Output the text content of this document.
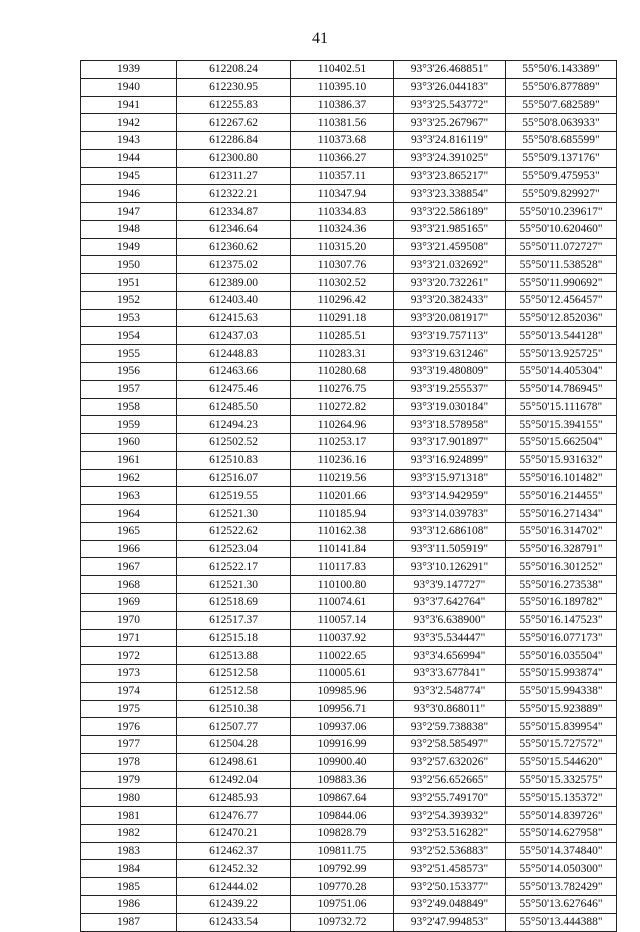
41
1939	612208.24	110402.51	93°3'26.468851"	55°50'6.143389"
1940	612230.95	110395.10	93°3'26.044183"	55°50'6.877889"
1941	612255.83	110386.37	93°3'25.543772"	55°50'7.682589"
1942	612267.62	110381.56	93°3'25.267967"	55°50'8.063933"
1943	612286.84	110373.68	93°3'24.816119"	55°50'8.685599"
1944	612300.80	110366.27	93°3'24.391025"	55°50'9.137176"
1945	612311.27	110357.11	93°3'23.865217"	55°50'9.475953"
1946	612322.21	110347.94	93°3'23.338854"	55°50'9.829927"
1947	612334.87	110334.83	93°3'22.586189"	55°50'10.239617"
1948	612346.64	110324.36	93°3'21.985165"	55°50'10.620460"
1949	612360.62	110315.20	93°3'21.459508"	55°50'11.072727"
1950	612375.02	110307.76	93°3'21.032692"	55°50'11.538528"
1951	612389.00	110302.52	93°3'20.732261"	55°50'11.990692"
1952	612403.40	110296.42	93°3'20.382433"	55°50'12.456457"
1953	612415.63	110291.18	93°3'20.081917"	55°50'12.852036"
1954	612437.03	110285.51	93°3'19.757113"	55°50'13.544128"
1955	612448.83	110283.31	93°3'19.631246"	55°50'13.925725"
1956	612463.66	110280.68	93°3'19.480809"	55°50'14.405304"
1957	612475.46	110276.75	93°3'19.255537"	55°50'14.786945"
1958	612485.50	110272.82	93°3'19.030184"	55°50'15.111678"
1959	612494.23	110264.96	93°3'18.578958"	55°50'15.394155"
1960	612502.52	110253.17	93°3'17.901897"	55°50'15.662504"
1961	612510.83	110236.16	93°3'16.924899"	55°50'15.931632"
1962	612516.07	110219.56	93°3'15.971318"	55°50'16.101482"
1963	612519.55	110201.66	93°3'14.942959"	55°50'16.214455"
1964	612521.30	110185.94	93°3'14.039783"	55°50'16.271434"
1965	612522.62	110162.38	93°3'12.686108"	55°50'16.314702"
1966	612523.04	110141.84	93°3'11.505919"	55°50'16.328791"
1967	612522.17	110117.83	93°3'10.126291"	55°50'16.301252"
1968	612521.30	110100.80	93°3'9.147727"	55°50'16.273538"
1969	612518.69	110074.61	93°3'7.642764"	55°50'16.189782"
1970	612517.37	110057.14	93°3'6.638900"	55°50'16.147523"
1971	612515.18	110037.92	93°3'5.534447"	55°50'16.077173"
1972	612513.88	110022.65	93°3'4.656994"	55°50'16.035504"
1973	612512.58	110005.61	93°3'3.677841"	55°50'15.993874"
1974	612512.58	109985.96	93°3'2.548774"	55°50'15.994338"
1975	612510.38	109956.71	93°3'0.868011"	55°50'15.923889"
1976	612507.77	109937.06	93°2'59.738838"	55°50'15.839954"
1977	612504.28	109916.99	93°2'58.585497"	55°50'15.727572"
1978	612498.61	109900.40	93°2'57.632026"	55°50'15.544620"
1979	612492.04	109883.36	93°2'56.652665"	55°50'15.332575"
1980	612485.93	109867.64	93°2'55.749170"	55°50'15.135372"
1981	612476.77	109844.06	93°2'54.393932"	55°50'14.839726"
1982	612470.21	109828.79	93°2'53.516282"	55°50'14.627958"
1983	612462.37	109811.75	93°2'52.536883"	55°50'14.374840"
1984	612452.32	109792.99	93°2'51.458573"	55°50'14.050300"
1985	612444.02	109770.28	93°2'50.153377"	55°50'13.782429"
1986	612439.22	109751.06	93°2'49.048849"	55°50'13.627646"
1987	612433.54	109732.72	93°2'47.994853"	55°50'13.444388"
